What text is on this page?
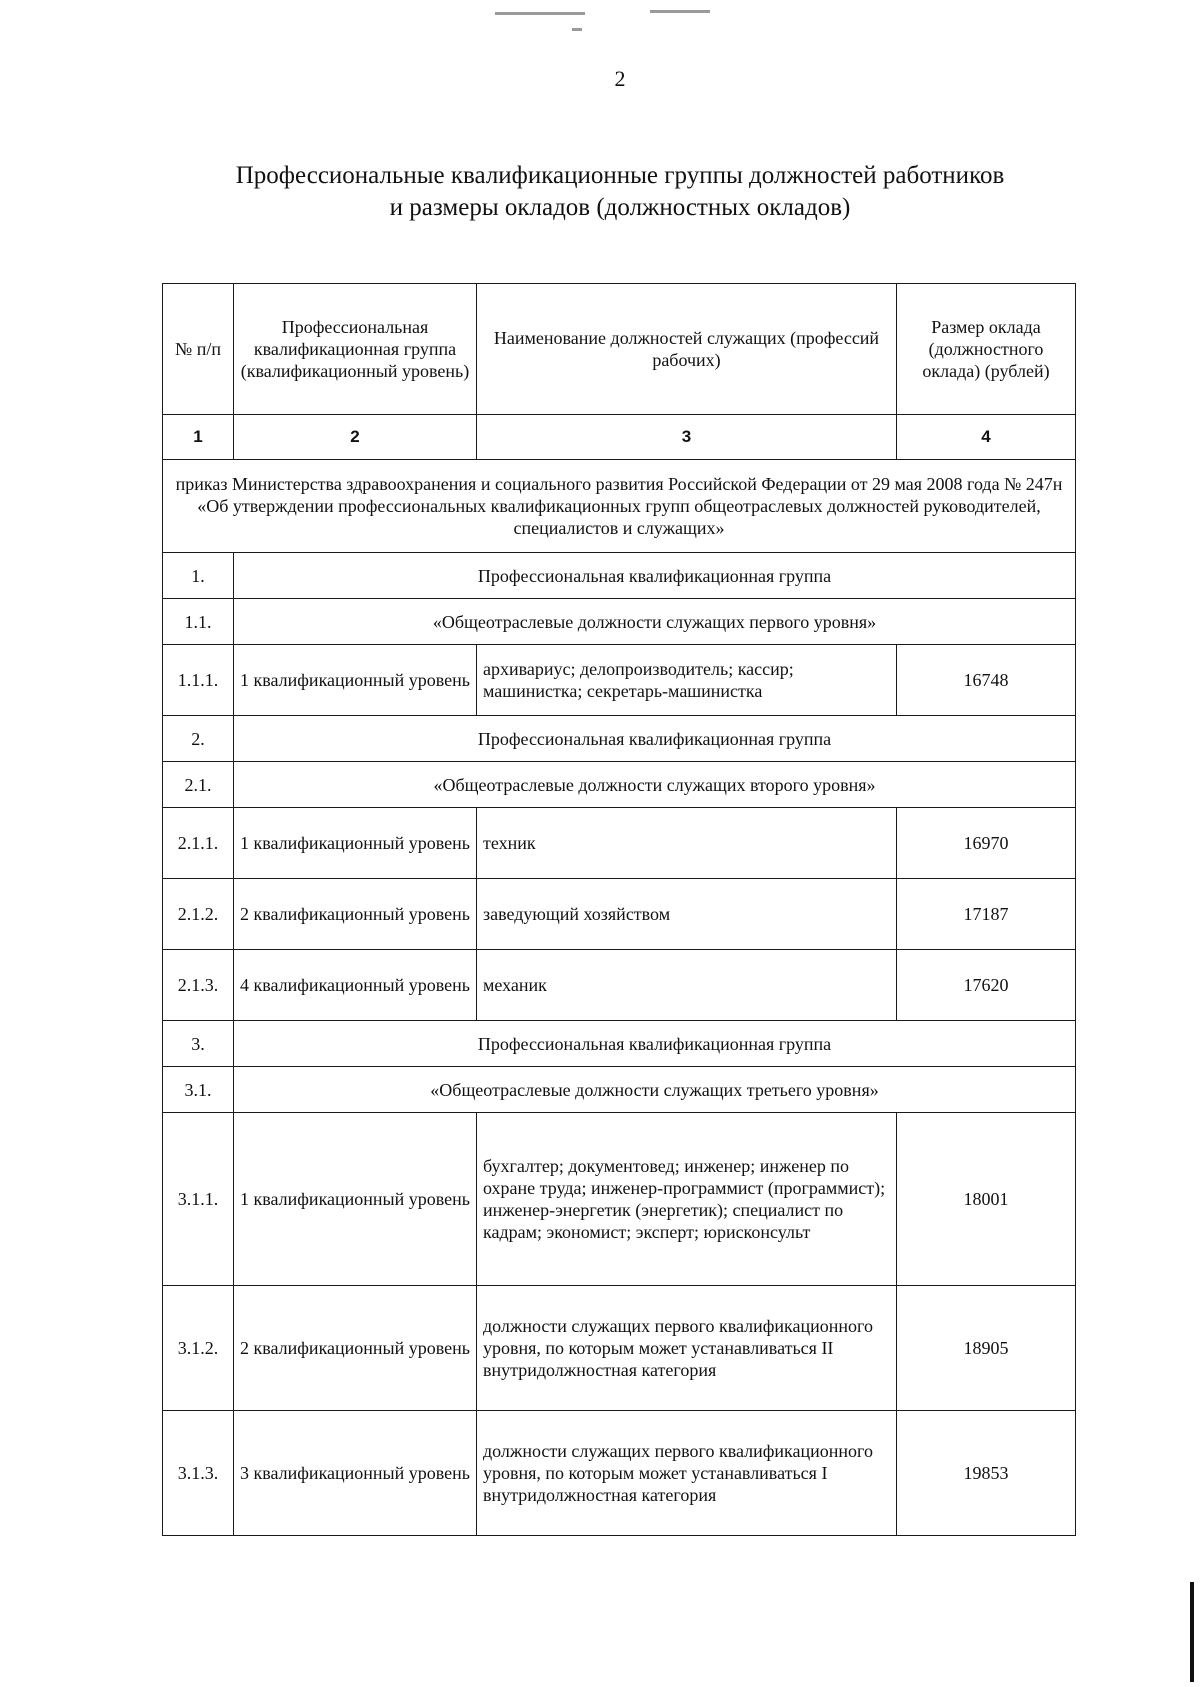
2
Профессиональные квалификационные группы должностей работников
и размеры окладов (должностных окладов)
№ п/п	Профессиональная квалификационная группа (квалификационный уровень)	Наименование должностей служащих (профессий рабочих)	Размер оклада (должностного оклада) (рублей)
1	2	3	4
приказ Министерства здравоохранения и социального развития Российской Федерации от 29 мая 2008 года № 247н «Об утверждении профессиональных квалификационных групп общеотраслевых должностей руководителей, специалистов и служащих»			
1.	Профессиональная квалификационная группа		
1.1.	«Общеотраслевые должности служащих первого уровня»		
1.1.1.	1 квалификационный уровень	архивариус; делопроизводитель; кассир; машинистка; секретарь-машинистка	16748
2.	Профессиональная квалификационная группа		
2.1.	«Общеотраслевые должности служащих второго уровня»		
2.1.1.	1 квалификационный уровень	техник	16970
2.1.2.	2 квалификационный уровень	заведующий хозяйством	17187
2.1.3.	4 квалификационный уровень	механик	17620
3.	Профессиональная квалификационная группа		
3.1.	«Общеотраслевые должности служащих третьего уровня»		
3.1.1.	1 квалификационный уровень	бухгалтер; документовед; инженер; инженер по охране труда; инженер-программист (программист); инженер-энергетик (энергетик); специалист по кадрам; экономист; эксперт; юрисконсульт	18001
3.1.2.	2 квалификационный уровень	должности служащих первого квалификационного уровня, по которым может устанавливаться II внутридолжностная категория	18905
3.1.3.	3 квалификационный уровень	должности служащих первого квалификационного уровня, по которым может устанавливаться I внутридолжностная категория	19853
